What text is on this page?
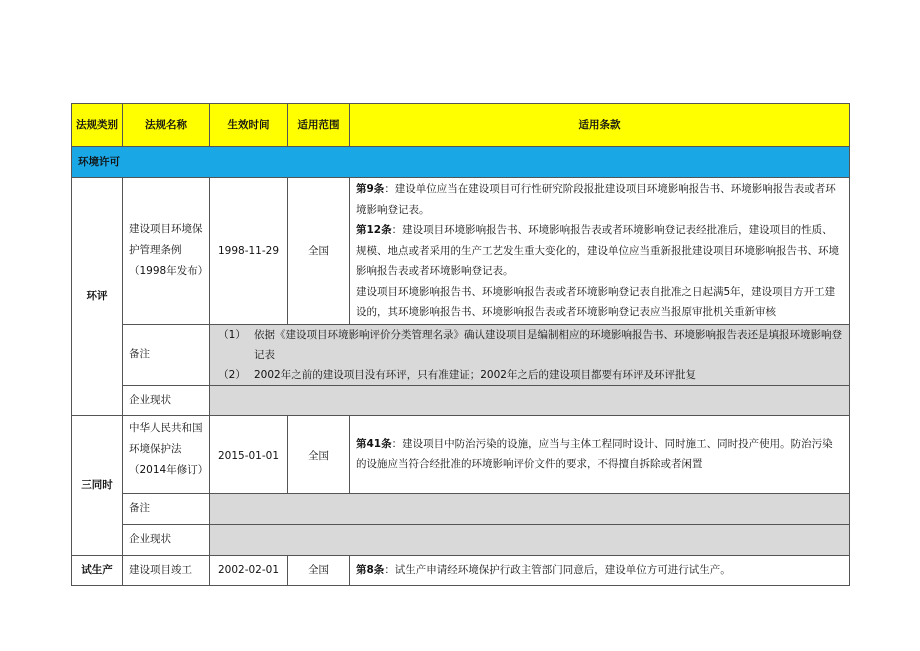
法规类别	法规名称	生效时间	适用范围	适用条款
环境许可				
环评	建设项目环境保护管理条例（1998年发布）	1998-11-29	全国	第9条：建设单位应当在建设项目可行性研究阶段报批建设项目环境影响报告书、环境影响报告表或者环境影响登记表。

第12条：建设项目环境影响报告书、环境影响报告表或者环境影响登记表经批准后，建设项目的性质、规模、地点或者采用的生产工艺发生重大变化的，建设单位应当重新报批建设项目环境影响报告书、环境影响报告表或者环境影响登记表。

建设项目环境影响报告书、环境影响报告表或者环境影响登记表自批准之日起满5年，建设项目方开工建设的，其环境影响报告书、环境影响报告表或者环境影响登记表应当报原审批机关重新审核

	备注	（1） 依据《建设项目环境影响评价分类管理名录》确认建设项目是编制相应的环境影响报告书、环境影响报告表还是填报环境影响登记表
（2） 2002年之前的建设项目没有环评，只有准建证；2002年之后的建设项目都要有环评及环评批复		

	企业现状			
三同时	中华人民共和国环境保护法（2014年修订）	2015-01-01	全国	第41条：建设项目中防治污染的设施，应当与主体工程同时设计、同时施工、同时投产使用。防治污染的设施应当符合经批准的环境影响评价文件的要求，不得擅自拆除或者闲置

	备注			
	企业现状			
试生产	建设项目竣工	2002-02-01	全国	第8条：试生产申请经环境保护行政主管部门同意后，建设单位方可进行试生产。
